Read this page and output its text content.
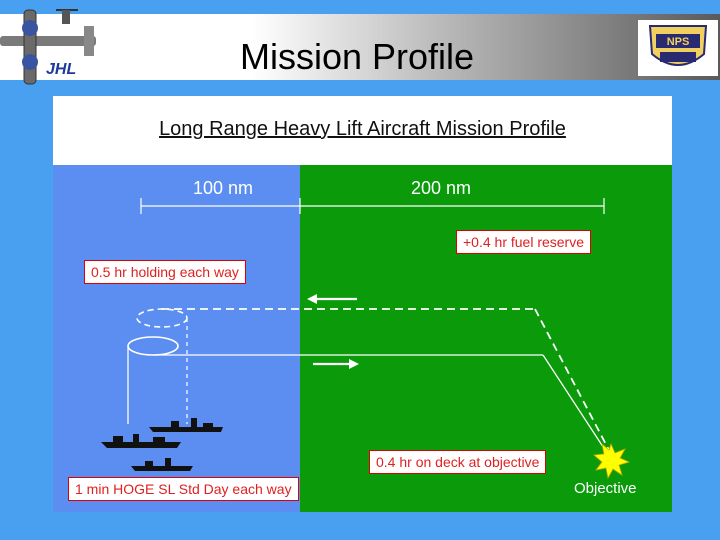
Mission Profile
JHL
NPS
Long Range Heavy Lift Aircraft Mission Profile
100 nm	200 nm
+0.4 hr fuel reserve
0.5 hr holding each way
0.4 hr on deck at objective
1 min HOGE SL Std Day each way	Objective
